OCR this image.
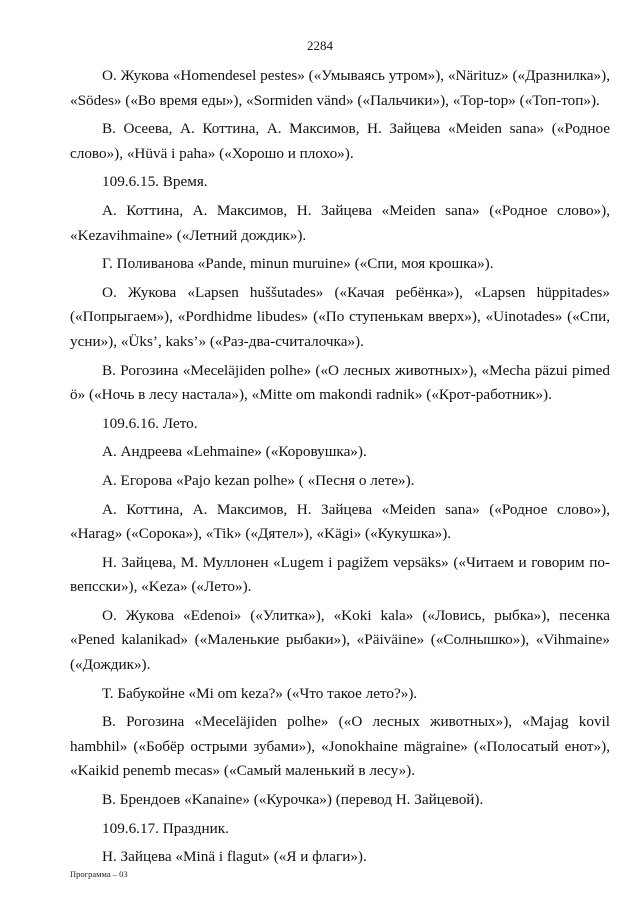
2284

О. Жукова «Homendesel pestes» («Умываясь утром»), «Närituz» («Дразнилка»), «Södes» («Во время еды»), «Sormiden vänd» («Пальчики»), «Top-top» («Топ-топ»).

В. Осеева, А. Коттина, А. Максимов, Н. Зайцева «Meiden sana» («Родное слово»), «Hüvä i paha» («Хорошо и плохо»).

109.6.15. Время.

А. Коттина, А. Максимов, Н. Зайцева «Meiden sana» («Родное слово»), «Kezavihmaine» («Летний дождик»).

Г. Поливанова «Pande, minun muruine» («Спи, моя крошка»).

О. Жукова «Lapsen huššutades» («Качая ребёнка»), «Lapsen hüppitades» («Попрыгаем»), «Pordhidme libudes» («По ступенькам вверх»), «Uinotades» («Спи, усни»), «Üks’, kaks’» («Раз-два-считалочка»).

В. Рогозина «Meceläjiden polhe» («О лесных животных»), «Mecha päzui pimed ö» («Ночь в лесу настала»), «Mitte om makondi radnik» («Крот-работник»).

109.6.16. Лето.

А. Андреева «Lehmaine» («Коровушка»).

А. Егорова «Pajo kezan polhe» ( «Песня о лете»).

А. Коттина, А. Максимов, Н. Зайцева «Meiden sana» («Родное слово»), «Harag» («Сорока»), «Tik» («Дятел»), «Kägi» («Кукушка»).

Н. Зайцева, М. Муллонен «Lugem i pagižem vepsäks» («Читаем и говорим по-вепсски»), «Keza» («Лето»).

О. Жукова «Edenoi» («Улитка»), «Koki kala» («Ловись, рыбка»), песенка «Pened kalanikad» («Маленькие рыбаки»), «Päiväine» («Солнышко»), «Vihmaine» («Дождик»).

Т. Бабукойне «Mi om keza?» («Что такое лето?»).

В. Рогозина «Meceläjiden polhe» («О лесных животных»), «Majag kovil hambhil» («Бобёр острыми зубами»), «Jonokhaine mägraine» («Полосатый енот»), «Kaikid penemb mecas» («Самый маленький в лесу»).

В. Брендоев «Kanaine» («Курочка») (перевод Н. Зайцевой).

109.6.17. Праздник.

Н. Зайцева «Minä i flagut» («Я и флаги»).

Программа – 03
